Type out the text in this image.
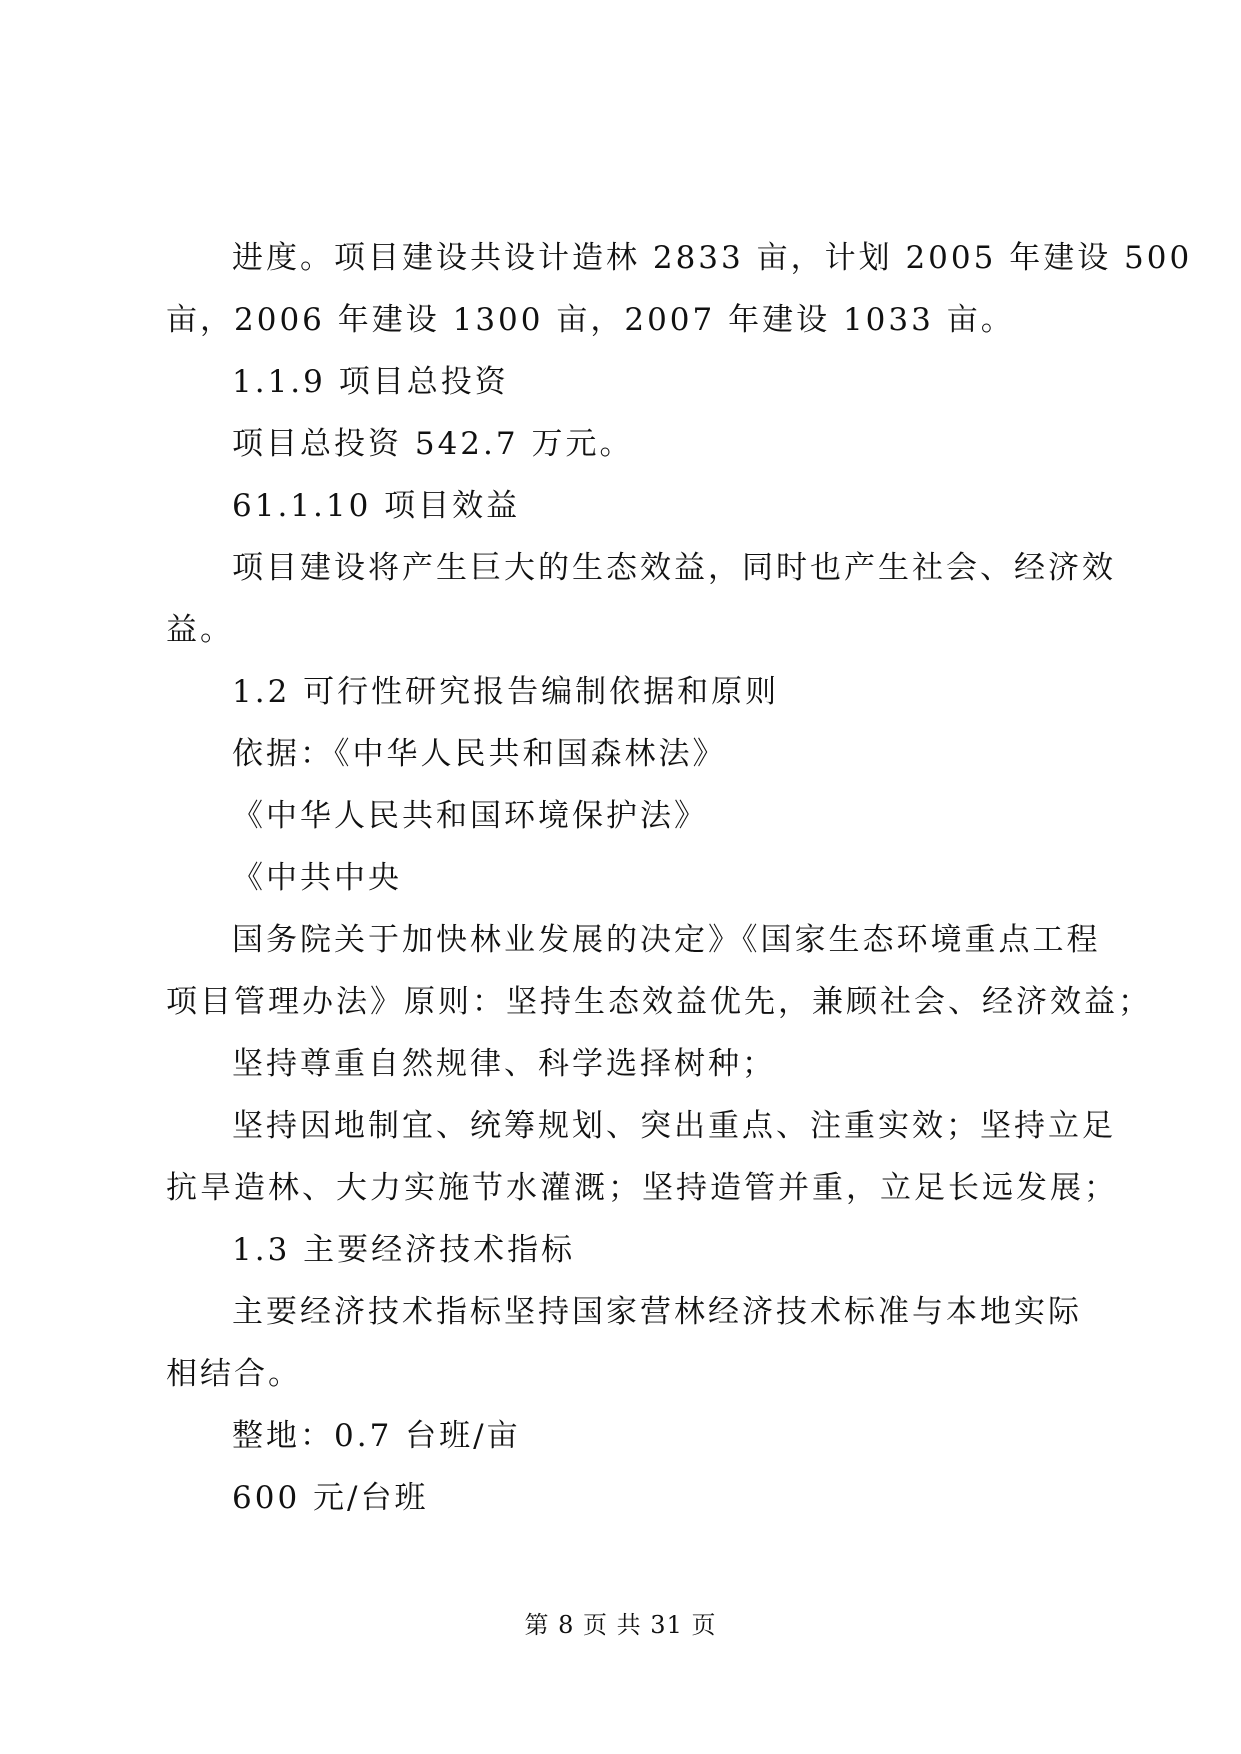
进度。项目建设共设计造林 2833 亩，计划 2005 年建设 500
亩，2006 年建设 1300 亩，2007 年建设 1033 亩。
1.1.9 项目总投资
项目总投资 542.7 万元。
61.1.10 项目效益
项目建设将产生巨大的生态效益，同时也产生社会、经济效
益。
1.2 可行性研究报告编制依据和原则
依据：《中华人民共和国森林法》
《中华人民共和国环境保护法》
《中共中央
国务院关于加快林业发展的决定》《国家生态环境重点工程
项目管理办法》原则：坚持生态效益优先，兼顾社会、经济效益；
坚持尊重自然规律、科学选择树种；
坚持因地制宜、统筹规划、突出重点、注重实效；坚持立足
抗旱造林、大力实施节水灌溉；坚持造管并重，立足长远发展；
1.3 主要经济技术指标
主要经济技术指标坚持国家营林经济技术标准与本地实际
相结合。
整地：0.7 台班/亩
600 元/台班
第 8 页 共 31 页
